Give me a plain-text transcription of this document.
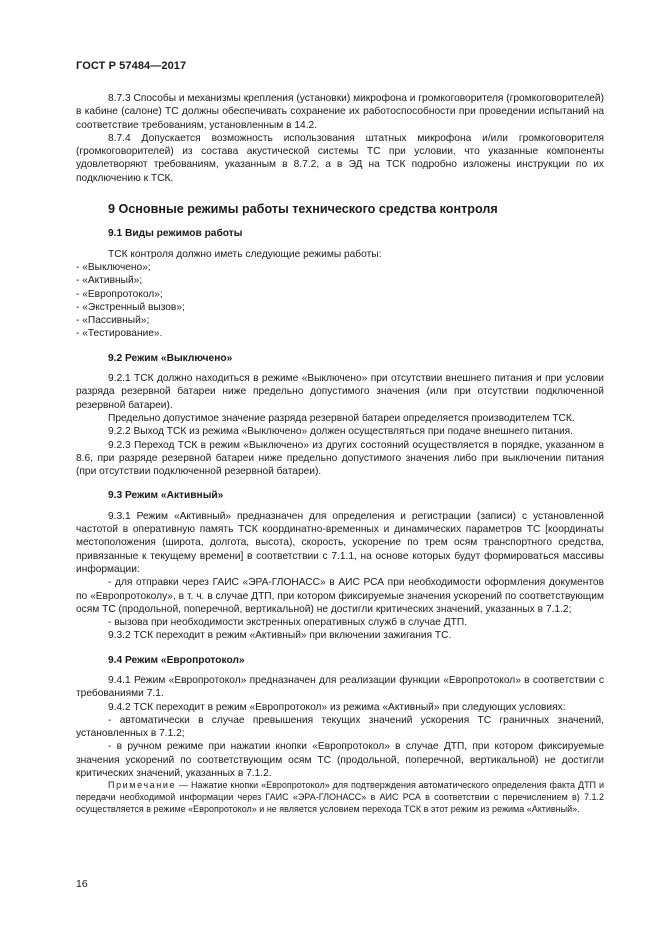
ГОСТ Р 57484—2017

8.7.3 Способы и механизмы крепления (установки) микрофона и громкоговорителя (громкоговорителей) в кабине (салоне) ТС должны обеспечивать сохранение их работоспособности при проведении испытаний на соответствие требованиям, установленным в 14.2.

8.7.4 Допускается возможность использования штатных микрофона и/или громкоговорителя (громкоговорителей) из состава акустической системы ТС при условии, что указанные компоненты удовлетворяют требованиям, указанным в 8.7.2, а в ЭД на ТСК подробно изложены инструкции по их подключению к ТСК.

9 Основные режимы работы технического средства контроля
9.1 Виды режимов работы

ТСК контроля должно иметь следующие режимы работы:

- «Выключено»;
- «Активный»;
- «Европротокол»;
- «Экстренный вызов»;
- «Пассивный»;
- «Тестирование».
9.2 Режим «Выключено»

9.2.1 ТСК должно находиться в режиме «Выключено» при отсутствии внешнего питания и при условии разряда резервной батареи ниже предельно допустимого значения (или при отсутствии подключенной резервной батареи).

Предельно допустимое значение разряда резервной батареи определяется производителем ТСК.

9.2.2 Выход ТСК из режима «Выключено» должен осуществляться при подаче внешнего питания.

9.2.3 Переход ТСК в режим «Выключено» из других состояний осуществляется в порядке, указанном в 8.6, при разряде резервной батареи ниже предельно допустимого значения либо при выключении питания (при отсутствии подключенной резервной батареи).

9.3 Режим «Активный»

9.3.1 Режим «Активный» предназначен для определения и регистрации (записи) с установленной частотой в оперативную память ТСК координатно-временных и динамических параметров ТС [координаты местоположения (широта, долгота, высота), скорость, ускорение по трем осям транспортного средства, привязанные к текущему времени] в соответствии с 7.1.1, на основе которых будут формироваться массивы информации:

- для отправки через ГАИС «ЭРА-ГЛОНАСС» в АИС РСА при необходимости оформления документов по «Европротоколу», в т. ч. в случае ДТП, при котором фиксируемые значения ускорений по соответствующим осям ТС (продольной, поперечной, вертикальной) не достигли критических значений, указанных в 7.1.2;

- вызова при необходимости экстренных оперативных служб в случае ДТП.

9.3.2 ТСК переходит в режим «Активный» при включении зажигания ТС.

9.4 Режим «Европротокол»

9.4.1 Режим «Европротокол» предназначен для реализации функции «Европротокол» в соответствии с требованиями 7.1.

9.4.2 ТСК переходит в режим «Европротокол» из режима «Активный» при следующих условиях:

- автоматически в случае превышения текущих значений ускорения ТС граничных значений, установленных в 7.1.2;

- в ручном режиме при нажатии кнопки «Европротокол» в случае ДТП, при котором фиксируемые значения ускорений по соответствующим осям ТС (продольной, поперечной, вертикальной) не достигли критических значений, указанных в 7.1.2.

Примечание — Нажатие кнопки «Европротокол» для подтверждения автоматического определения факта ДТП и передачи необходимой информации через ГАИС «ЭРА-ГЛОНАСС» в АИС РСА в соответствии с перечислением в) 7.1.2 осуществляется в режиме «Европротокол» и не является условием перехода ТСК в этот режим из режима «Активный».

16
